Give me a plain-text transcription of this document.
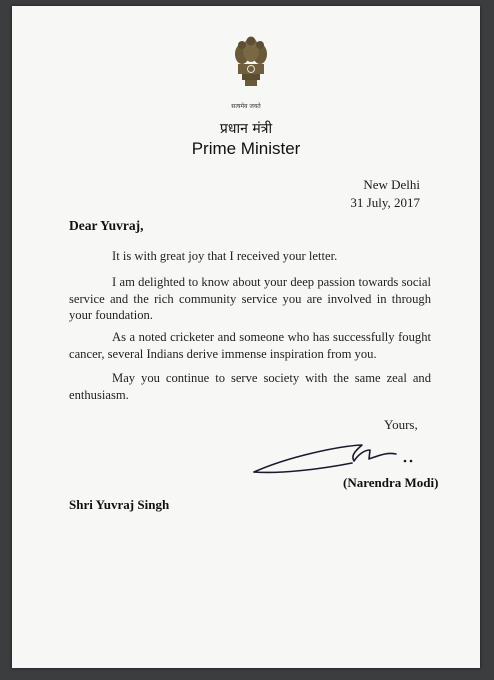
सत्यमेव जयते
प्रधान मंत्री
Prime Minister
New Delhi
31 July, 2017
Dear Yuvraj,

It is with great joy that I received your letter.

I am delighted to know about your deep passion towards social service and the rich community service you are involved in through your foundation.

As a noted cricketer and someone who has successfully fought cancer, several Indians derive immense inspiration from you.

May you continue to serve society with the same zeal and enthusiasm.

Yours,
(Narendra Modi)
Shri Yuvraj Singh
